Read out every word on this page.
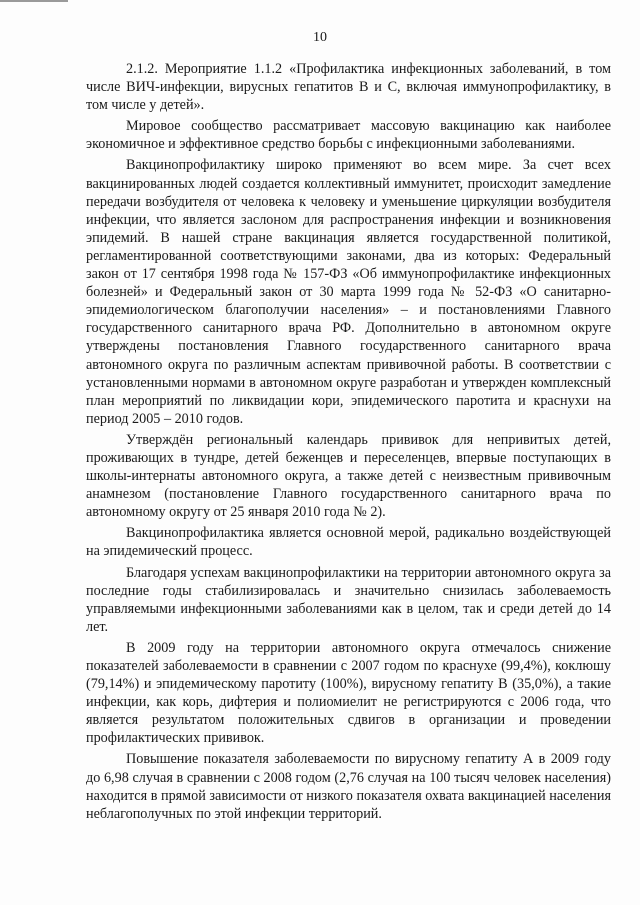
10

2.1.2. Мероприятие 1.1.2 «Профилактика инфекционных заболеваний, в том числе ВИЧ-инфекции, вирусных гепатитов В и С, включая иммунопрофилактику, в том числе у детей».

Мировое сообщество рассматривает массовую вакцинацию как наиболее экономичное и эффективное средство борьбы с инфекционными заболеваниями.

Вакцинопрофилактику широко применяют во всем мире. За счет всех вакцинированных людей создается коллективный иммунитет, происходит замедление передачи возбудителя от человека к человеку и уменьшение циркуляции возбудителя инфекции, что является заслоном для распространения инфекции и возникновения эпидемий. В нашей стране вакцинация является государственной политикой, регламентированной соответствующими законами, два из которых: Федеральный закон от 17 сентября 1998 года № 157-ФЗ «Об иммунопрофилактике инфекционных болезней» и Федеральный закон от 30 марта 1999 года № 52-ФЗ «О санитарно-эпидемиологическом благополучии населения» – и постановлениями Главного государственного санитарного врача РФ. Дополнительно в автономном округе утверждены постановления Главного государственного санитарного врача автономного округа по различным аспектам прививочной работы. В соответствии с установленными нормами в автономном округе разработан и утвержден комплексный план мероприятий по ликвидации кори, эпидемического паротита и краснухи на период 2005 – 2010 годов.

Утверждён региональный календарь прививок для непривитых детей, проживающих в тундре, детей беженцев и переселенцев, впервые поступающих в школы-интернаты автономного округа, а также детей с неизвестным прививочным анамнезом (постановление Главного государственного санитарного врача по автономному округу от 25 января 2010 года № 2).

Вакцинопрофилактика является основной мерой, радикально воздействующей на эпидемический процесс.

Благодаря успехам вакцинопрофилактики на территории автономного округа за последние годы стабилизировалась и значительно снизилась заболеваемость управляемыми инфекционными заболеваниями как в целом, так и среди детей до 14 лет.

В 2009 году на территории автономного округа отмечалось снижение показателей заболеваемости в сравнении с 2007 годом по краснухе (99,4%), коклюшу (79,14%) и эпидемическому паротиту (100%), вирусному гепатиту В (35,0%), а такие инфекции, как корь, дифтерия и полиомиелит не регистрируются с 2006 года, что является результатом положительных сдвигов в организации и проведении профилактических прививок.

Повышение показателя заболеваемости по вирусному гепатиту А в 2009 году до 6,98 случая в сравнении с 2008 годом (2,76 случая на 100 тысяч человек населения) находится в прямой зависимости от низкого показателя охвата вакцинацией населения неблагополучных по этой инфекции территорий.
